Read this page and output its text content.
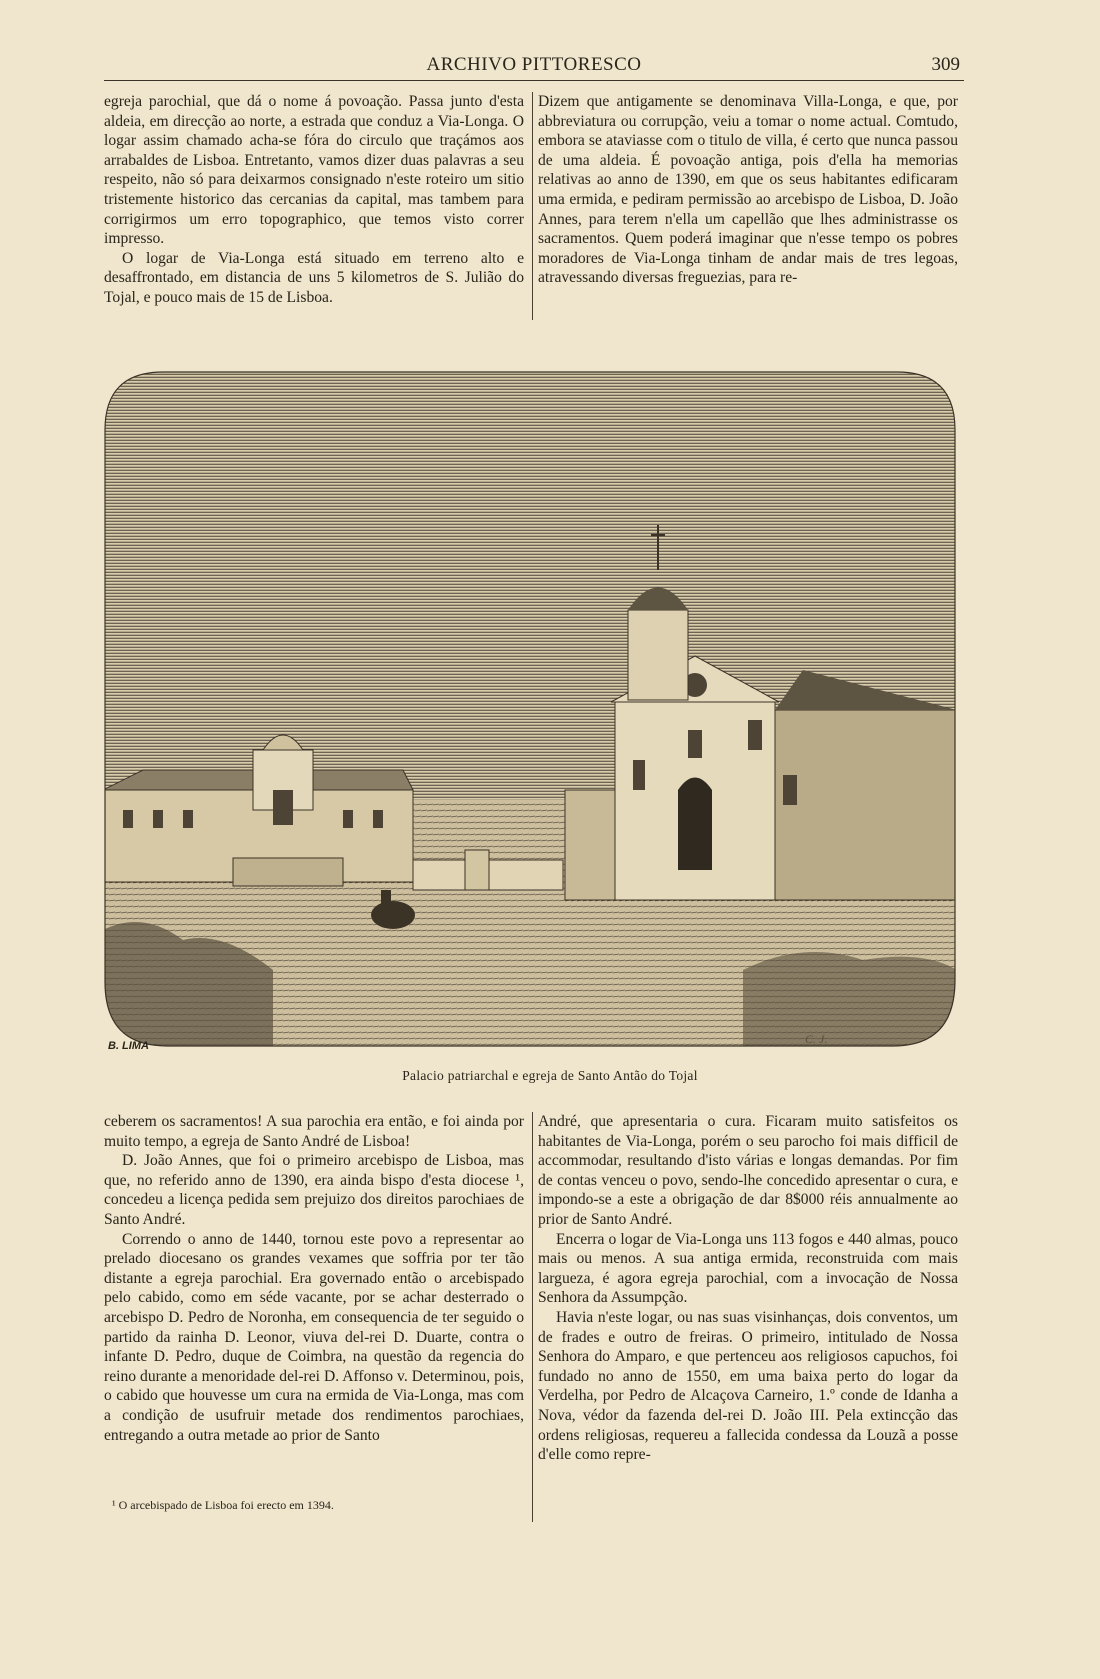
ARCHIVO PITTORESCO	309

egreja parochial, que dá o nome á povoação. Passa junto d'esta aldeia, em direcção ao norte, a estrada que conduz a Via-Longa. O logar assim chamado acha-se fóra do circulo que traçámos aos arrabaldes de Lisboa. Entretanto, vamos dizer duas palavras a seu respeito, não só para deixarmos consignado n'este roteiro um sitio tristemente historico das cercanias da capital, mas tambem para corrigirmos um erro topographico, que temos visto correr impresso.

O logar de Via-Longa está situado em terreno alto e desaffrontado, em distancia de uns 5 kilometros de S. Julião do Tojal, e pouco mais de 15 de Lisboa.

Dizem que antigamente se denominava Villa-Longa, e que, por abbreviatura ou corrupção, veiu a tomar o nome actual. Comtudo, embora se ataviasse com o titulo de villa, é certo que nunca passou de uma aldeia. É povoação antiga, pois d'ella ha memorias relativas ao anno de 1390, em que os seus habitantes edificaram uma ermida, e pediram permissão ao arcebispo de Lisboa, D. João Annes, para terem n'ella um capellão que lhes administrasse os sacramentos. Quem poderá imaginar que n'esse tempo os pobres moradores de Via-Longa tinham de andar mais de tres legoas, atravessando diversas freguezias, para re-

B. LIMA	C. J.
Palacio patriarchal e egreja de Santo Antão do Tojal

ceberem os sacramentos! A sua parochia era então, e foi ainda por muito tempo, a egreja de Santo André de Lisboa!

D. João Annes, que foi o primeiro arcebispo de Lisboa, mas que, no referido anno de 1390, era ainda bispo d'esta diocese ¹, concedeu a licença pedida sem prejuizo dos direitos parochiaes de Santo André.

Correndo o anno de 1440, tornou este povo a representar ao prelado diocesano os grandes vexames que soffria por ter tão distante a egreja parochial. Era governado então o arcebispado pelo cabido, como em séde vacante, por se achar desterrado o arcebispo D. Pedro de Noronha, em consequencia de ter seguido o partido da rainha D. Leonor, viuva del-rei D. Duarte, contra o infante D. Pedro, duque de Coimbra, na questão da regencia do reino durante a menoridade del-rei D. Affonso v. Determinou, pois, o cabido que houvesse um cura na ermida de Via-Longa, mas com a condição de usufruir metade dos rendimentos parochiaes, entregando a outra metade ao prior de Santo

¹ O arcebispado de Lisboa foi erecto em 1394.

André, que apresentaria o cura. Ficaram muito satisfeitos os habitantes de Via-Longa, porém o seu parocho foi mais difficil de accommodar, resultando d'isto várias e longas demandas. Por fim de contas venceu o povo, sendo-lhe concedido apresentar o cura, e impondo-se a este a obrigação de dar 8$000 réis annualmente ao prior de Santo André.

Encerra o logar de Via-Longa uns 113 fogos e 440 almas, pouco mais ou menos. A sua antiga ermida, reconstruida com mais largueza, é agora egreja parochial, com a invocação de Nossa Senhora da Assumpção.

Havia n'este logar, ou nas suas visinhanças, dois conventos, um de frades e outro de freiras. O primeiro, intitulado de Nossa Senhora do Amparo, e que pertenceu aos religiosos capuchos, foi fundado no anno de 1550, em uma baixa perto do logar da Verdelha, por Pedro de Alcaçova Carneiro, 1.º conde de Idanha a Nova, védor da fazenda del-rei D. João III. Pela extincção das ordens religiosas, requereu a fallecida condessa da Louzã a posse d'elle como repre-
